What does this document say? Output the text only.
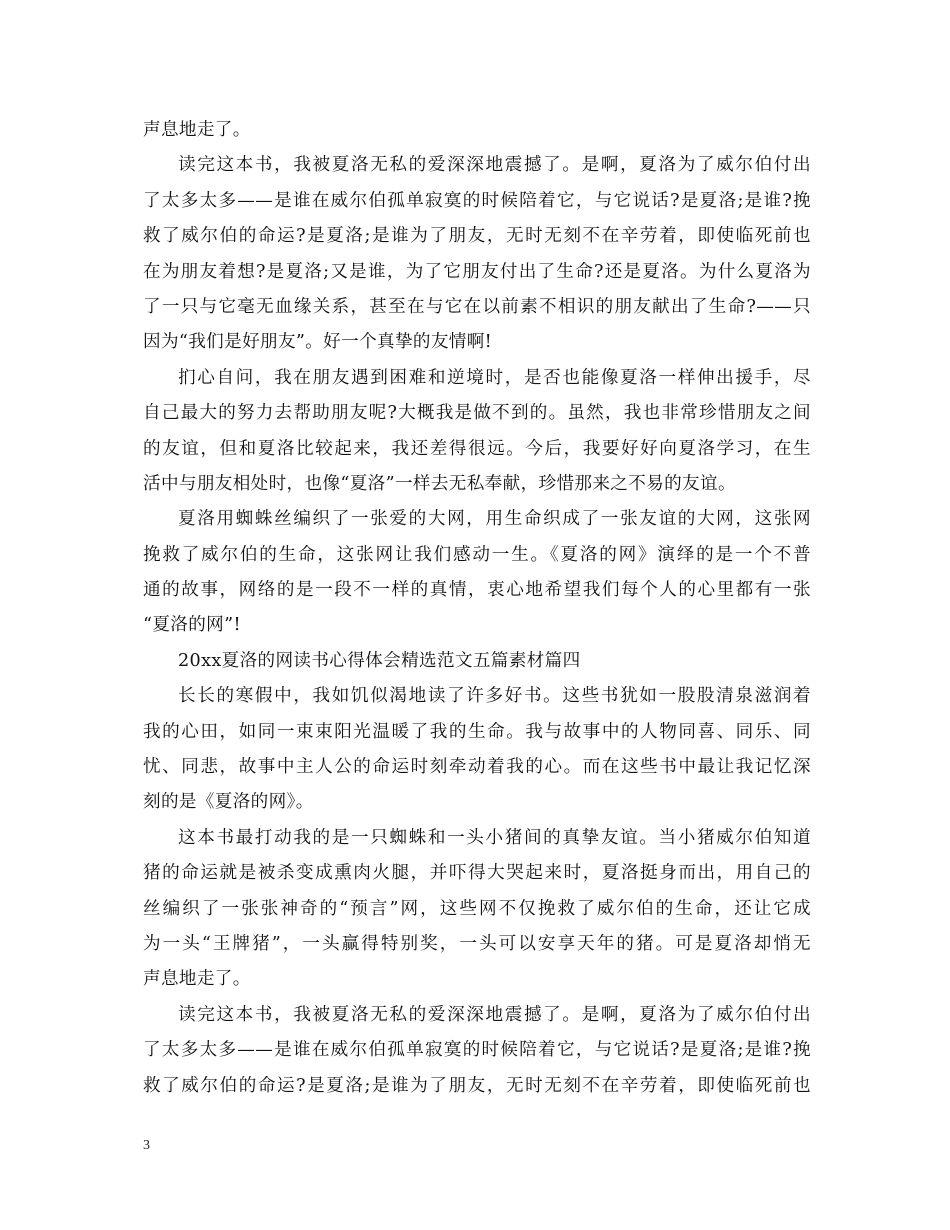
声息地走了。
读完这本书，我被夏洛无私的爱深深地震撼了。是啊，夏洛为了威尔伯付出
了太多太多——是谁在威尔伯孤单寂寞的时候陪着它，与它说话?是夏洛;是谁?挽
救了威尔伯的命运?是夏洛;是谁为了朋友，无时无刻不在辛劳着，即使临死前也
在为朋友着想?是夏洛;又是谁，为了它朋友付出了生命?还是夏洛。为什么夏洛为
了一只与它毫无血缘关系，甚至在与它在以前素不相识的朋友献出了生命?——只
因为“我们是好朋友”。好一个真挚的友情啊!
扪心自问，我在朋友遇到困难和逆境时，是否也能像夏洛一样伸出援手，尽
自己最大的努力去帮助朋友呢?大概我是做不到的。虽然，我也非常珍惜朋友之间
的友谊，但和夏洛比较起来，我还差得很远。今后，我要好好向夏洛学习，在生
活中与朋友相处时，也像“夏洛”一样去无私奉献，珍惜那来之不易的友谊。
夏洛用蜘蛛丝编织了一张爱的大网，用生命织成了一张友谊的大网，这张网
挽救了威尔伯的生命，这张网让我们感动一生。《夏洛的网》演绎的是一个不普
通的故事，网络的是一段不一样的真情，衷心地希望我们每个人的心里都有一张
“夏洛的网”!
20xx夏洛的网读书心得体会精选范文五篇素材篇四
长长的寒假中，我如饥似渴地读了许多好书。这些书犹如一股股清泉滋润着
我的心田，如同一束束阳光温暖了我的生命。我与故事中的人物同喜、同乐、同
忧、同悲，故事中主人公的命运时刻牵动着我的心。而在这些书中最让我记忆深
刻的是《夏洛的网》。
这本书最打动我的是一只蜘蛛和一头小猪间的真挚友谊。当小猪威尔伯知道
猪的命运就是被杀变成熏肉火腿，并吓得大哭起来时，夏洛挺身而出，用自己的
丝编织了一张张神奇的“预言”网，这些网不仅挽救了威尔伯的生命，还让它成
为一头“王牌猪”，一头赢得特别奖，一头可以安享天年的猪。可是夏洛却悄无
声息地走了。
读完这本书，我被夏洛无私的爱深深地震撼了。是啊，夏洛为了威尔伯付出
了太多太多——是谁在威尔伯孤单寂寞的时候陪着它，与它说话?是夏洛;是谁?挽
救了威尔伯的命运?是夏洛;是谁为了朋友，无时无刻不在辛劳着，即使临死前也
3
